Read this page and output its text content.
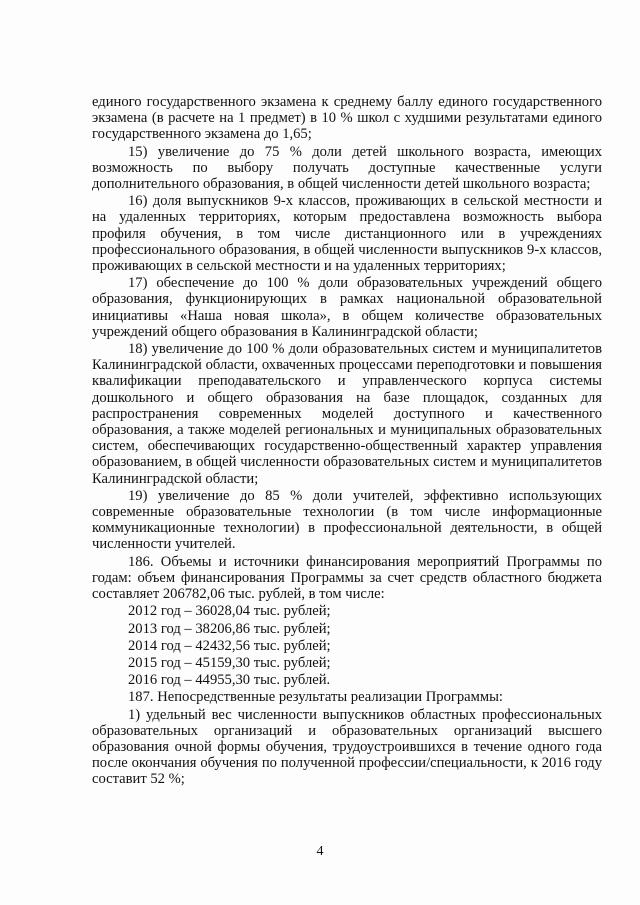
единого государственного экзамена к среднему баллу единого государственного экзамена (в расчете на 1 предмет) в 10 % школ с худшими результатами единого государственного экзамена до 1,65;

15) увеличение до 75 % доли детей школьного возраста, имеющих возможность по выбору получать доступные качественные услуги дополнительного образования, в общей численности детей школьного возраста;

16) доля выпускников 9-х классов, проживающих в сельской местности и на удаленных территориях, которым предоставлена возможность выбора профиля обучения, в том числе дистанционного или в учреждениях профессионального образования, в общей численности выпускников 9-х классов, проживающих в сельской местности и на удаленных территориях;

17) обеспечение до 100 % доли образовательных учреждений общего образования, функционирующих в рамках национальной образовательной инициативы «Наша новая школа», в общем количестве образовательных учреждений общего образования в Калининградской области;

18) увеличение до 100 % доли образовательных систем и муниципалитетов Калининградской области, охваченных процессами переподготовки и повышения квалификации преподавательского и управленческого корпуса системы дошкольного и общего образования на базе площадок, созданных для распространения современных моделей доступного и качественного образования, а также моделей региональных и муниципальных образовательных систем, обеспечивающих государственно-общественный характер управления образованием, в общей численности образовательных систем и муниципалитетов Калининградской области;

19) увеличение до 85 % доли учителей, эффективно использующих современные образовательные технологии (в том числе информационные коммуникационные технологии) в профессиональной деятельности, в общей численности учителей.

186. Объемы и источники финансирования мероприятий Программы по годам: объем финансирования Программы за счет средств областного бюджета составляет 206782,06 тыс. рублей, в том числе:

2012 год – 36028,04 тыс. рублей;

2013 год – 38206,86 тыс. рублей;

2014 год – 42432,56 тыс. рублей;

2015 год – 45159,30 тыс. рублей;

2016 год – 44955,30 тыс. рублей.

187. Непосредственные результаты реализации Программы:

1) удельный вес численности выпускников областных профессиональных образовательных организаций и образовательных организаций высшего образования очной формы обучения, трудоустроившихся в течение одного года после окончания обучения по полученной профессии/специальности, к 2016 году составит 52 %;

4
